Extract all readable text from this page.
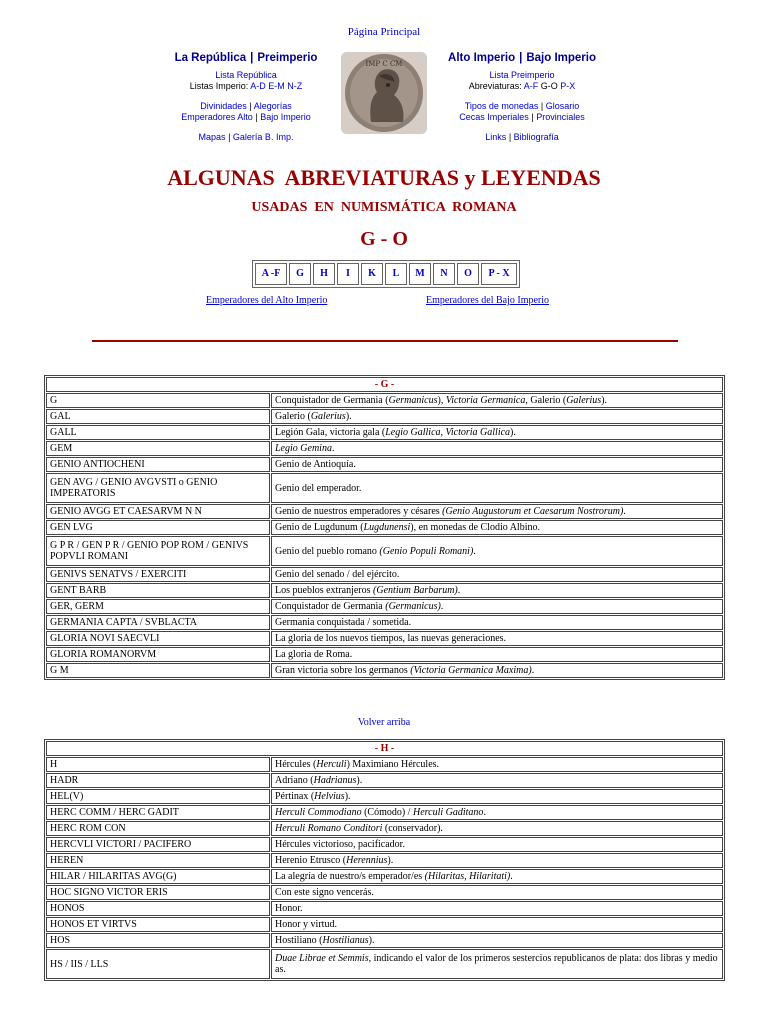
Página Principal
La República | Preimperio
Lista República
Listas Imperio: A-D E-M N-Z
Divinidades | Alegorías
Emperadores Alto | Bajo Imperio
Mapas | Galería B. Imp.
IMP C CM	Alto Imperio | Bajo Imperio
Lista Preimperio
Abreviaturas: A-F G-O P-X
Tipos de monedas | Glosario
Cecas Imperiales | Provinciales
Links | Bibliografía
ALGUNAS  ABREVIATURAS y LEYENDAS
USADAS  EN  NUMISMÁTICA  ROMANA
G - O
A -F	G	H	I	K	L	M	N	O	P - X
Emperadores del Alto Imperio	Emperadores del Bajo Imperio
- G -	
G	Conquistador de Germania (Germanicus), Victoria Germanica, Galerio (Galerius).
GAL	Galerio (Galerius).
GALL	Legión Gala, victoria gala (Legio Gallica, Victoria Gallica).
GEM	Legio Gemina.
GENIO ANTIOCHENI	Genio de Antioquía.
GEN AVG / GENIO AVGVSTI o GENIO IMPERATORIS	Genio del emperador.
GENIO AVGG ET CAESARVM N N	Genio de nuestros emperadores y césares (Genio Augustorum et Caesarum Nostrorum).
GEN LVG	Genio de Lugdunum (Lugdunensi), en monedas de Clodio Albino.
G P R / GEN P R / GENIO POP ROM / GENIVS POPVLI ROMANI	Genio del pueblo romano (Genio Populi Romani).
GENIVS SENATVS / EXERCITI	Genio del senado / del ejército.
GENT BARB	Los pueblos extranjeros (Gentium Barbarum).
GER, GERM	Conquistador de Germania (Germanicus).
GERMANIA CAPTA / SVBLACTA	Germania conquistada / sometida.
GLORIA NOVI SAECVLI	La gloria de los nuevos tiempos, las nuevas generaciones.
GLORIA ROMANORVM	La gloria de Roma.
G M	Gran victoria sobre los germanos (Victoria Germanica Maxima).
Volver arriba
- H -	
H	Hércules (Herculi) Maximiano Hércules.
HADR	Adriano (Hadrianus).
HEL(V)	Pértinax (Helvius).
HERC COMM / HERC GADIT	Herculi Commodiano (Cómodo) / Herculi Gaditano.
HERC ROM CON	Herculi Romano Conditori (conservador).
HERCVLI VICTORI / PACIFERO	Hércules victorioso, pacificador.
HEREN	Herenio Etrusco (Herennius).
HILAR / HILARITAS AVG(G)	La alegría de nuestro/s emperador/es (Hilaritas, Hilaritati).
HOC SIGNO VICTOR ERIS	Con este signo vencerás.
HONOS	Honor.
HONOS ET VIRTVS	Honor y virtud.
HOS	Hostiliano (Hostilianus).
HS / IIS / LLS	Duae Librae et Semmis, indicando el valor de los primeros sestercios republicanos de plata: dos libras y medio as.
